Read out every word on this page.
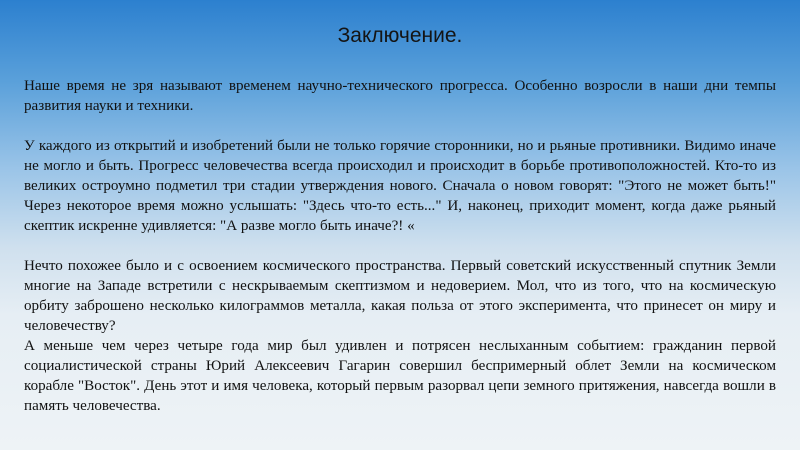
Заключение.

Наше время не зря называют временем научно-технического прогресса. Особенно возросли в наши дни темпы развития науки и техники.

У каждого из открытий и изобретений были не только горячие сторонники, но и рьяные противники. Видимо иначе не могло и быть. Прогресс человечества всегда происходил и происходит в борьбе противоположностей. Кто-то из великих остроумно подметил три стадии утверждения нового. Сначала о новом говорят: "Этого не может быть!" Через некоторое время можно услышать: "Здесь что-то есть..." И, наконец, приходит момент, когда даже рьяный скептик искренне удивляется: "А разве могло быть иначе?! «

Нечто похожее было и с освоением космического пространства. Первый советский искусственный спутник Земли многие на Западе встретили с нескрываемым скептизмом и недоверием. Мол, что из того, что на космическую орбиту заброшено несколько килограммов металла, какая польза от этого эксперимента, что принесет он миру и человечеству?

А меньше чем через четыре года мир был удивлен и потрясен неслыханным событием: гражданин первой социалистической страны Юрий Алексеевич Гагарин совершил беспримерный облет Земли на космическом корабле "Восток". День этот и имя человека, который первым разорвал цепи земного притяжения, навсегда вошли в память человечества.
